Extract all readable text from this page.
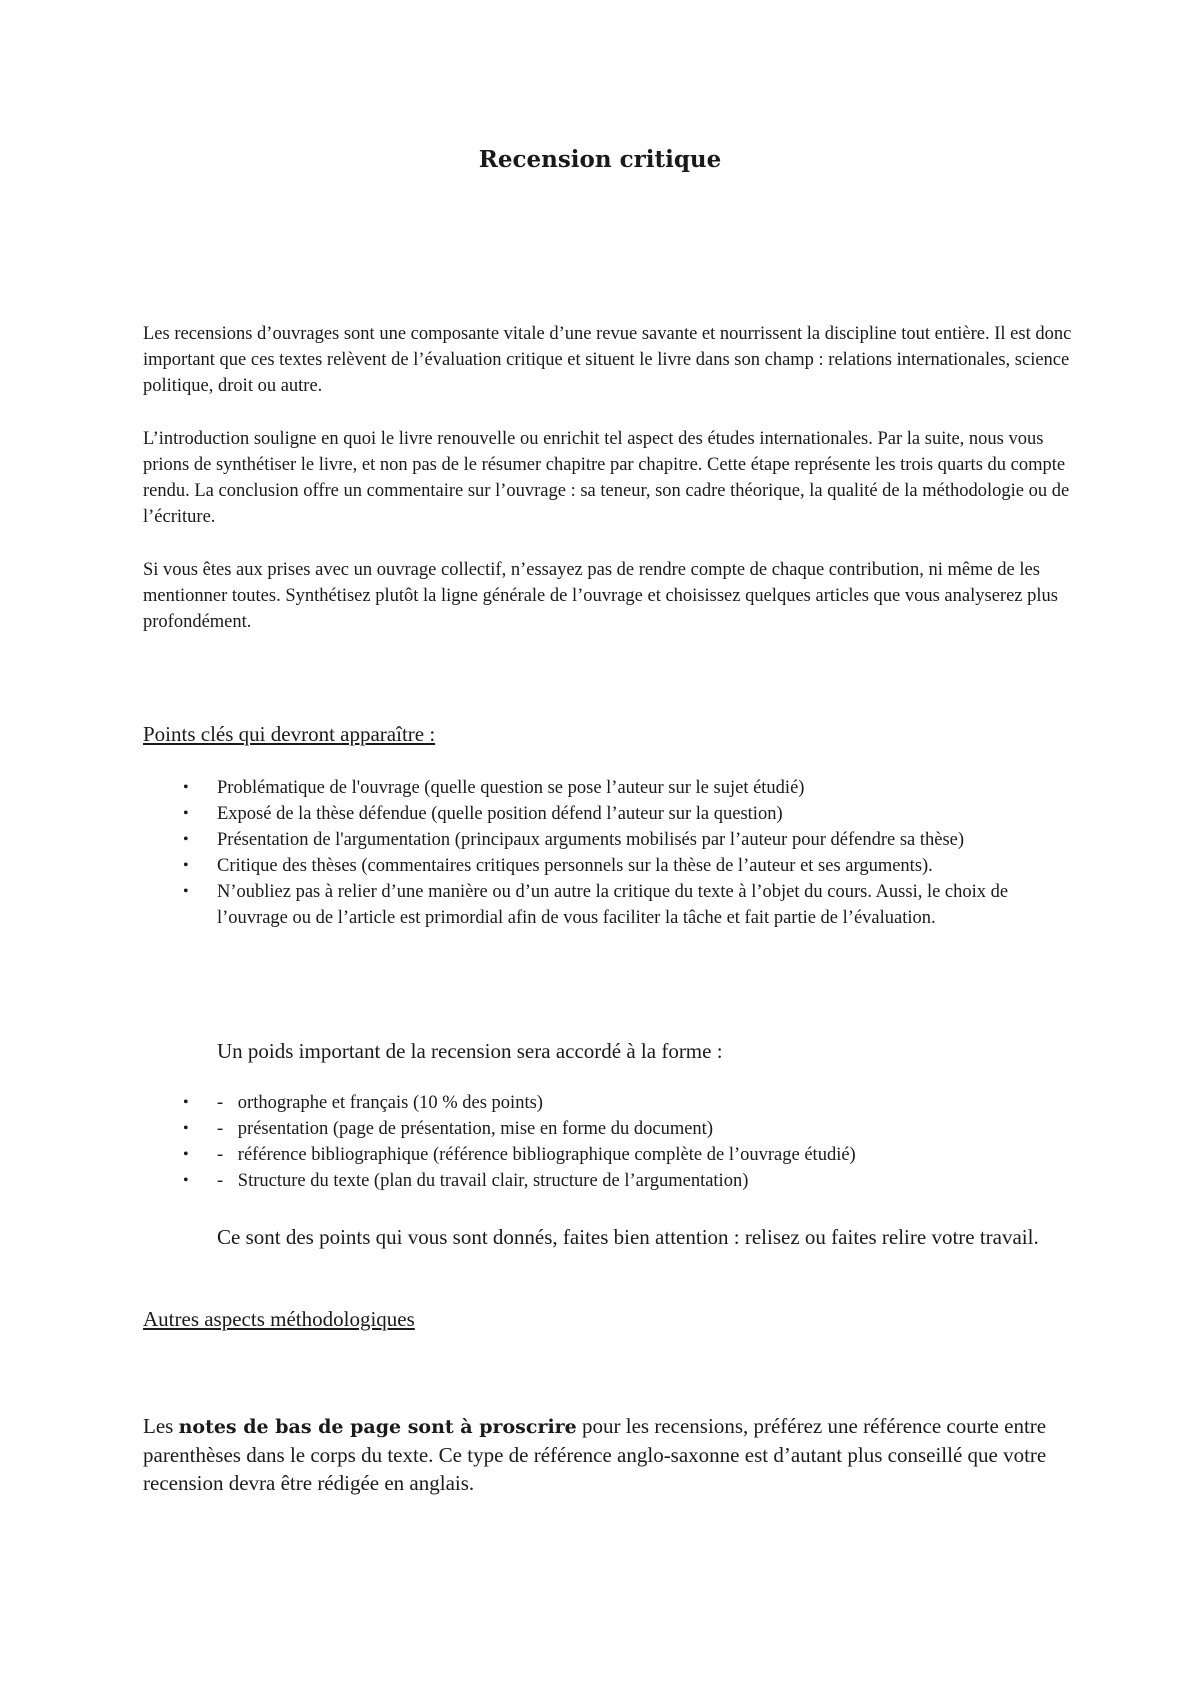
Recension critique

Les recensions d’ouvrages sont une composante vitale d’une revue savante et nourrissent la discipline tout entière. Il est donc important que ces textes relèvent de l’évaluation critique et situent le livre dans son champ : relations internationales, science politique, droit ou autre.

L’introduction souligne en quoi le livre renouvelle ou enrichit tel aspect des études internationales. Par la suite, nous vous prions de synthétiser le livre, et non pas de le résumer chapitre par chapitre. Cette étape représente les trois quarts du compte rendu. La conclusion offre un commentaire sur l’ouvrage : sa teneur, son cadre théorique, la qualité de la méthodologie ou de l’écriture.

Si vous êtes aux prises avec un ouvrage collectif, n’essayez pas de rendre compte de chaque contribution, ni même de les mentionner toutes. Synthétisez plutôt la ligne générale de l’ouvrage et choisissez quelques articles que vous analyserez plus profondément.

Points clés qui devront apparaître :

• Problématique de l'ouvrage (quelle question se pose l’auteur sur le sujet étudié)
• Exposé de la thèse défendue (quelle position défend l’auteur sur la question)
• Présentation de l'argumentation (principaux arguments mobilisés par l’auteur pour défendre sa thèse)
• Critique des thèses (commentaires critiques personnels sur la thèse de l’auteur et ses arguments).
• N’oubliez pas à relier d’une manière ou d’un autre la critique du texte à l’objet du cours. Aussi, le choix de l’ouvrage ou de l’article est primordial afin de vous faciliter la tâche et fait partie de l’évaluation.

Un poids important de la recension sera accordé à la forme :

• - orthographe et français (10 % des points)
• - présentation (page de présentation, mise en forme du document)
• - référence bibliographique (référence bibliographique complète de l’ouvrage étudié)
• - Structure du texte (plan du travail clair, structure de l’argumentation)

Ce sont des points qui vous sont donnés, faites bien attention : relisez ou faites relire votre travail.

Autres aspects méthodologiques

Les notes de bas de page sont à proscrire pour les recensions, préférez une référence courte entre parenthèses dans le corps du texte. Ce type de référence anglo-saxonne est d’autant plus conseillé que votre recension devra être rédigée en anglais.
